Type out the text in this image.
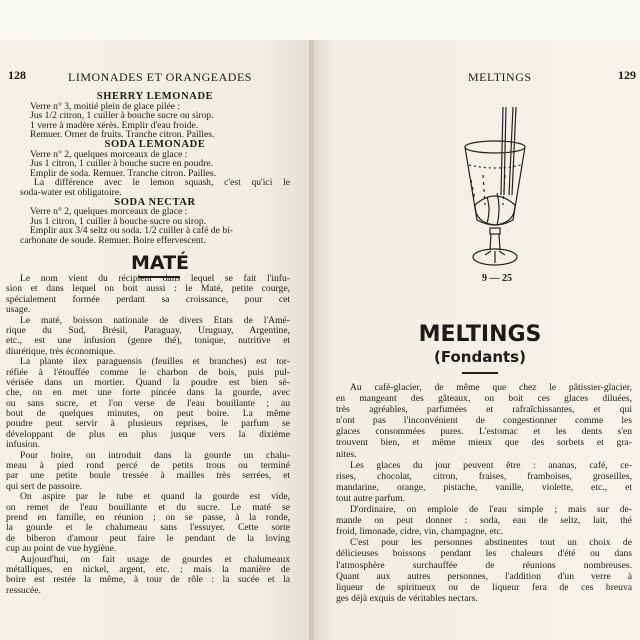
128	LIMONADES ET ORANGEADES
SHERRY LEMONADE
Verre n° 3, moitié plein de glace pilée :
Jus 1/2 citron, 1 cuiller à bouche sucre ou sirop.
1 verre à madère xérès. Emplir d'eau froide.
Remuer. Orner de fruits. Tranche citron. Pailles.
SODA LEMONADE
Verre n° 2, quelques morceaux de glace :
Jus 1 citron, 1 cuiller à bouche sucre en poudre.
Emplir de soda. Remuer. Tranche citron. Pailles.
La différence avec le lemon squash, c'est qu'ici le
soda-water est obligatoire.
SODA NECTAR
Verre n° 2, quelques morceaux de glace :
Jus 1 citron, 1 cuiller à bouche sucre ou sirop.
Emplir aux 3/4 seltz ou soda. 1/2 cuiller à café de bi-
carbonate de soude. Remuer. Boire effervescent.
MATÉ
Le nom vient du récipient dans lequel se fait l'infu-
sion et dans lequel on boit aussi : le Maté, petite courge,
spécialement formée perdant sa croissance, pour cet
usage.
Le maté, boisson nationale de divers Etats de l'Amé-
rique du Sud, Brésil, Paraguay, Uruguay, Argentine,
etc., est une infusion (genre thé), tonique, nutritive et
diurétique, très économique.
La plante ilex paraguensis (feuilles et branches) est tor-
réfiée à l'étouffée comme le charbon de bois, puis pul-
vérisée dans un mortier. Quand la poudre est bien sè-
che, on en met une forte pincée dans la gourde, avec
ou sans sucre, et l'on verse de l'eau bouillante ; au
bout de quelques minutes, on peut boire. La même
poudre peut servir à plusieurs reprises, le parfum se
développant de plus en plus jusque vers la dixième
infusion.
Pour boire, on introduit dans la gourde un chalu-
meau à pied rond percé de petits trous ou terminé
par une petite boule tressée à mailles très serrées, et
qui sert de passoire.
On aspire par le tube et quand la gourde est vide,
on remet de l'eau bouillante et du sucre. Le maté se
prend en famille, en réunion ; on se passe, à la ronde,
la gourde et le chalumeau sans l'essuyer. Cette sorte
de biberon d'amour peut faire le pendant de la loving
cup au point de vue hygiène.
Aujourd'hui, on fait usage de gourdes et chalumeaux
métalliques, en nickel, argent, etc. ; mais la manière de
boire est restée la même, à tour de rôle : la sucée et la
ressucée.
MELTINGS	129
9 — 25
MELTINGS
(Fondants)
Au café-glacier, de même que chez le pâtissier-glacier,
en mangeant des gâteaux, on boit ces glaces diluées,
très agréables, parfumées et rafraîchissantes, et qui
n'ont pas l'inconvénient de congestionner comme les
glaces consommées pures. L'estomac et les dents s'en
trouvent bien, et même mieux que des sorbets et gra-
nites.
Les glaces du jour peuvent être : ananas, café, ce-
rises, chocolat, citron, fraises, framboises, groseilles,
mandarine, orange, pistache, vanille, violette, etc., et
tout autre parfum.
D'ordinaire, on emploie de l'eau simple ; mais sur de-
mande on peut donner : soda, eau de seltz, lait, thé
froid, limonade, cidre, vin, champagne, etc.
C'est pour les personnes abstinentes tout un choix de
délicieuses boissons pendant les chaleurs d'été ou dans
l'atmosphère surchauffée de réunions nombreuses.
Quant aux autres personnes, l'addition d'un verre à
liqueur de spiritueux ou de liqueur fera de ces breuva
ges déjà exquis de véritables nectars.
